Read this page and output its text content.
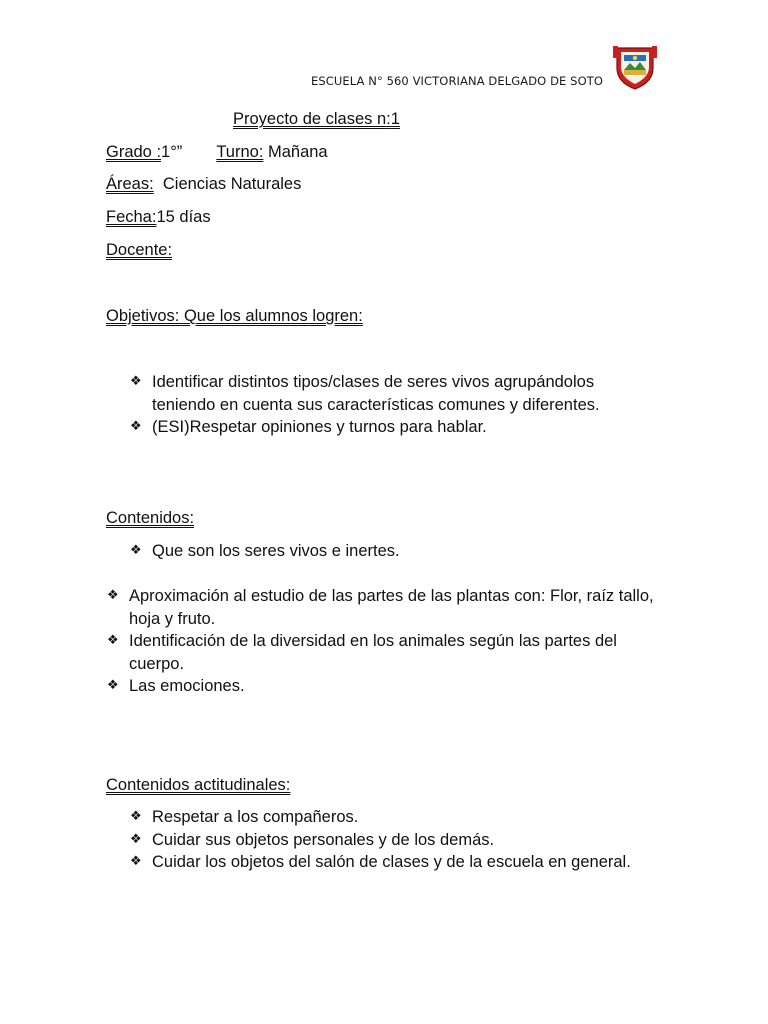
ESCUELA N° 560 VICTORIANA DELGADO DE SOTO
Proyecto de clases n:1
Grado :1°” Turno: Mañana
Áreas:  Ciencias Naturales
Fecha:15 días
Docente:
Objetivos: Que los alumnos logren:
❖ Identificar distintos tipos/clases de seres vivos agrupándolos teniendo en cuenta sus características comunes y diferentes.
❖ (ESI)Respetar opiniones y turnos para hablar.
Contenidos:
❖ Que son los seres vivos e inertes.
❖ Aproximación al estudio de las partes de las plantas con: Flor, raíz tallo, hoja y fruto.
❖ Identificación de la diversidad en los animales según las partes del cuerpo.
❖ Las emociones.
Contenidos actitudinales:
❖ Respetar a los compañeros.
❖ Cuidar sus objetos personales y de los demás.
❖ Cuidar los objetos del salón de clases y de la escuela en general.
